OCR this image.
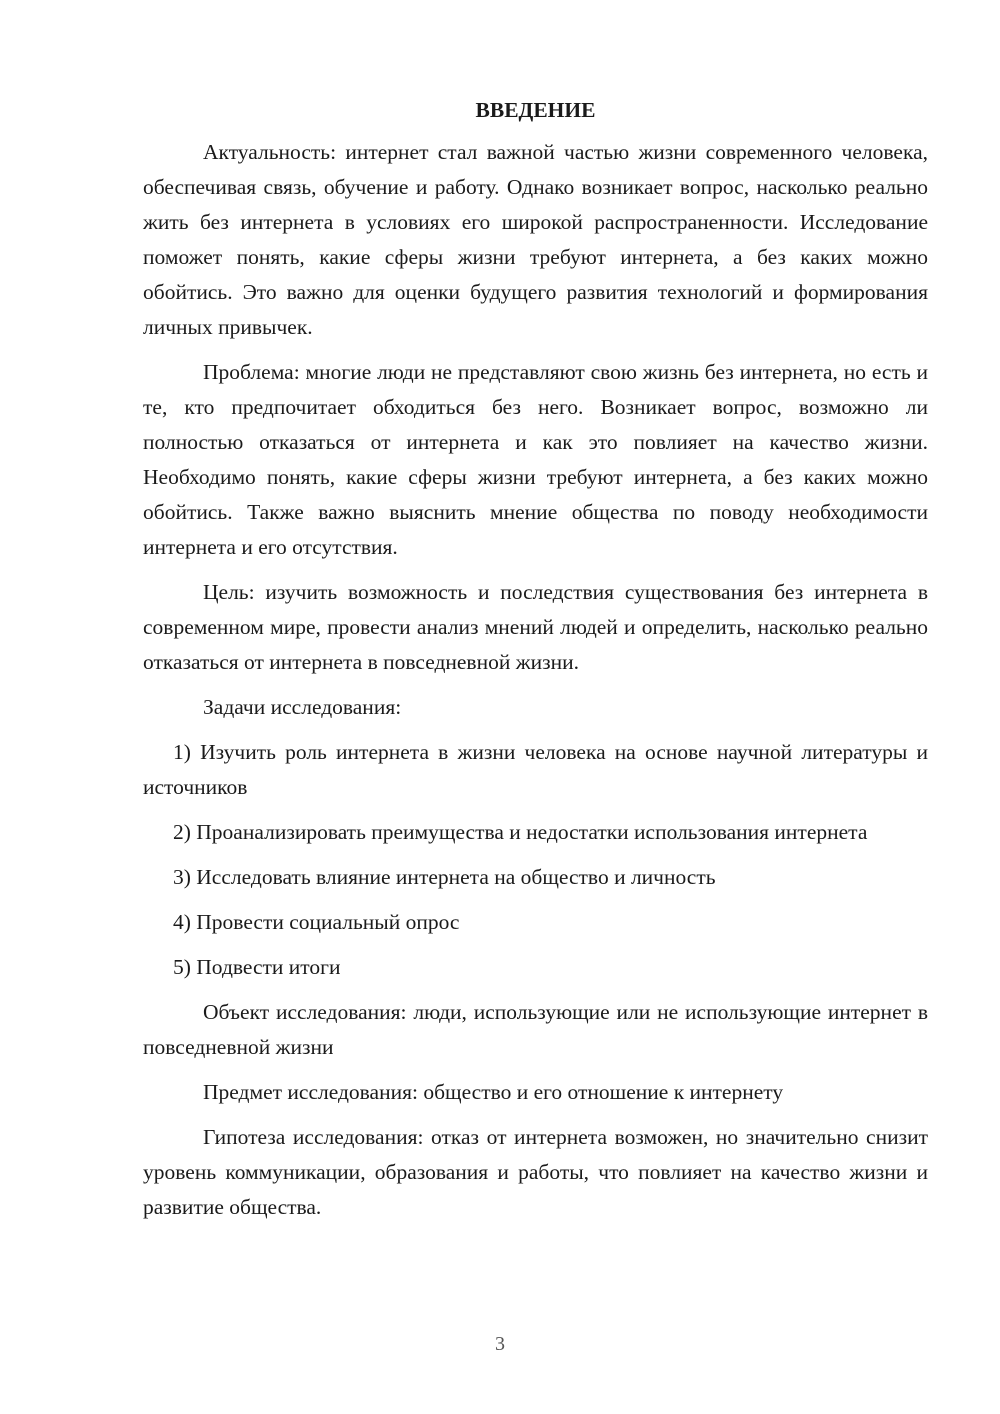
ВВЕДЕНИЕ

Актуальность: интернет стал важной частью жизни современного человека, обеспечивая связь, обучение и работу. Однако возникает вопрос, насколько реально жить без интернета в условиях его широкой распространенности. Исследование поможет понять, какие сферы жизни требуют интернета, а без каких можно обойтись. Это важно для оценки будущего развития технологий и формирования личных привычек.

Проблема: многие люди не представляют свою жизнь без интернета, но есть и те, кто предпочитает обходиться без него. Возникает вопрос, возможно ли полностью отказаться от интернета и как это повлияет на качество жизни. Необходимо понять, какие сферы жизни требуют интернета, а без каких можно обойтись. Также важно выяснить мнение общества по поводу необходимости интернета и его отсутствия.

Цель: изучить возможность и последствия существования без интернета в современном мире, провести анализ мнений людей и определить, насколько реально отказаться от интернета в повседневной жизни.

Задачи исследования:

1) Изучить роль интернета в жизни человека на основе научной литературы и источников

2) Проанализировать преимущества и недостатки использования интернета

3) Исследовать влияние интернета на общество и личность

4) Провести социальный опрос

5) Подвести итоги

Объект исследования: люди, использующие или не использующие интернет в повседневной жизни

Предмет исследования: общество и его отношение к интернету

Гипотеза исследования: отказ от интернета возможен, но значительно снизит уровень коммуникации, образования и работы, что повлияет на качество жизни и развитие общества.

3
